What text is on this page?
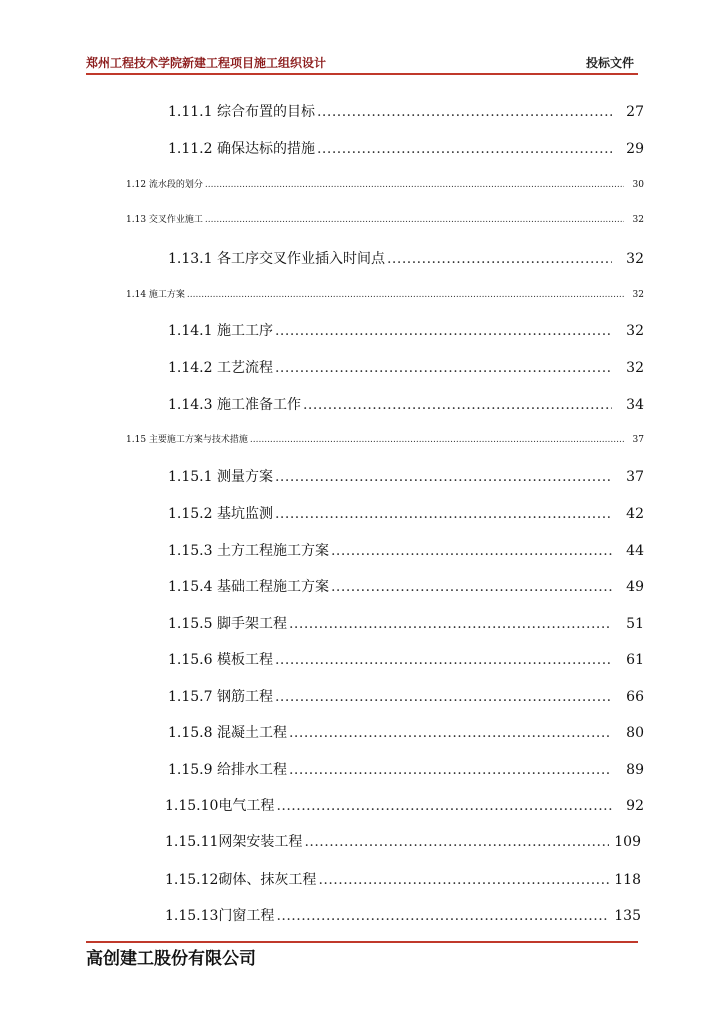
郑州工程技术学院新建工程项目施工组织设计	投标文件
1.11.1 综合布置的目标 .....	27
1.11.2 确保达标的措施 .....	29
1.12 流水段的划分 .....	30
1.13 交叉作业施工 .....	32
1.13.1 各工序交叉作业插入时间点 .....	32
1.14 施工方案 .....	32
1.14.1 施工工序 .....	32
1.14.2 工艺流程 .....	32
1.14.3 施工准备工作 .....	34
1.15 主要施工方案与技术措施 .....	37
1.15.1 测量方案 .....	37
1.15.2 基坑监测 .....	42
1.15.3 土方工程施工方案 .....	44
1.15.4 基础工程施工方案 .....	49
1.15.5 脚手架工程 .....	51
1.15.6 模板工程 .....	61
1.15.7 钢筋工程 .....	66
1.15.8 混凝土工程 .....	80
1.15.9 给排水工程 .....	89
1.15.10电气工程 .....	92
1.15.11网架安装工程 .....	109
1.15.12砌体、抹灰工程 .....	118
1.15.13门窗工程 .....	135
高创建工股份有限公司
